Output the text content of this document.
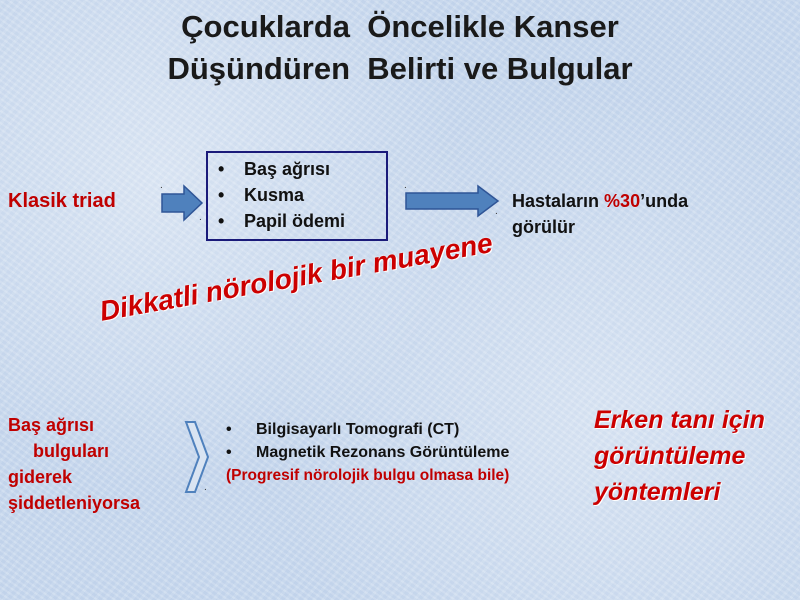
Çocuklarda  Öncelikle Kanser
Düşündüren  Belirti ve Bulgular
Klasik triad
.
.
• Baş ağrısı
• Kusma
• Papil ödemi
.
.
Hastaların %30’unda görülür
Dikkatli nörolojik bir muayene
Baş ağrısı
bulguları
giderek
şiddetleniyorsa
.
• Bilgisayarlı Tomografi (CT)
• Magnetik Rezonans Görüntüleme
(Progresif nörolojik bulgu olmasa bile)
Erken tanı için
görüntüleme
yöntemleri
